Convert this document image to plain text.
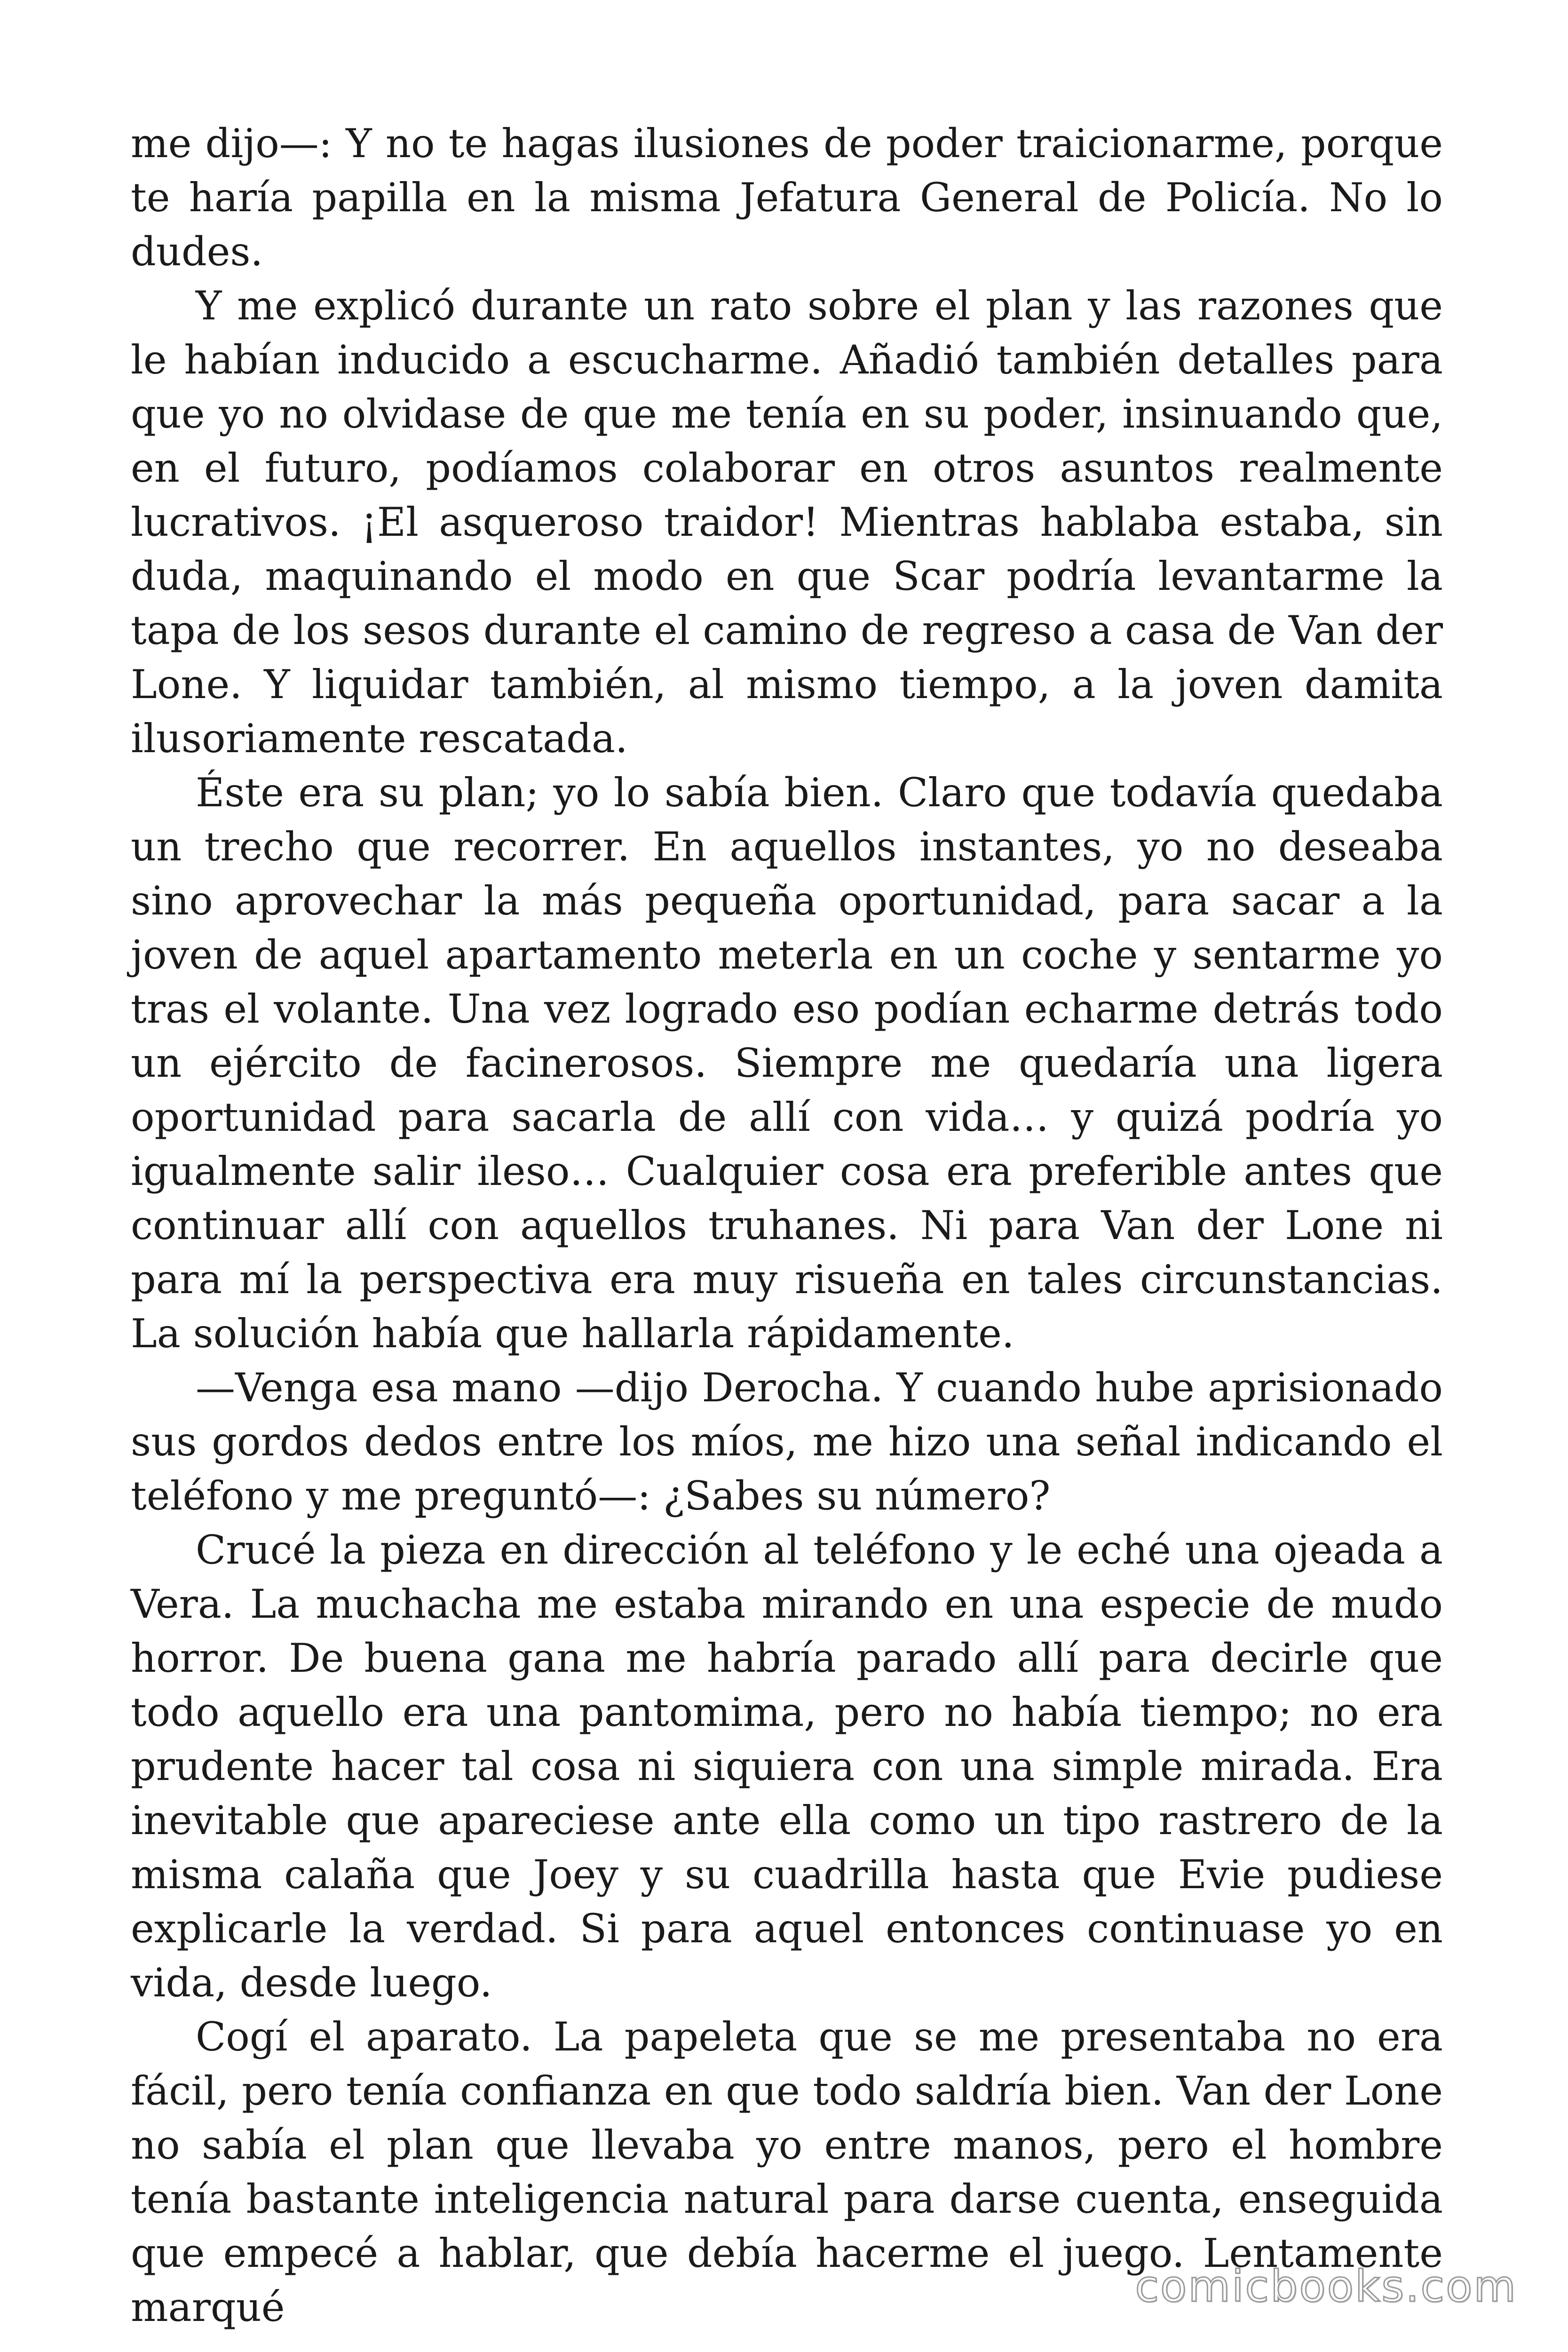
me dijo—: Y no te hagas ilusiones de poder traicionarme, porque te haría papilla en la misma Jefatura General de Policía. No lo dudes.

Y me explicó durante un rato sobre el plan y las razones que le habían inducido a escucharme. Añadió también detalles para que yo no olvidase de que me tenía en su poder, insinuando que, en el futuro, podíamos colaborar en otros asuntos realmente lucrativos. ¡El asqueroso traidor! Mientras hablaba estaba, sin duda, maquinando el modo en que Scar podría levantarme la tapa de los sesos durante el camino de regreso a casa de Van der Lone. Y liquidar también, al mismo tiempo, a la joven damita ilusoriamente rescatada.

Éste era su plan; yo lo sabía bien. Claro que todavía quedaba un trecho que recorrer. En aquellos instantes, yo no deseaba sino aprovechar la más pequeña oportunidad, para sacar a la joven de aquel apartamento meterla en un coche y sentarme yo tras el volante. Una vez logrado eso podían echarme detrás todo un ejército de facinerosos. Siempre me quedaría una ligera oportunidad para sacarla de allí con vida… y quizá podría yo igualmente salir ileso… Cualquier cosa era preferible antes que continuar allí con aquellos truhanes. Ni para Van der Lone ni para mí la perspectiva era muy risueña en tales circunstancias. La solución había que hallarla rápidamente.

—Venga esa mano —dijo Derocha. Y cuando hube aprisionado sus gordos dedos entre los míos, me hizo una señal indicando el teléfono y me preguntó—: ¿Sabes su número?

Crucé la pieza en dirección al teléfono y le eché una ojeada a Vera. La muchacha me estaba mirando en una especie de mudo horror. De buena gana me habría parado allí para decirle que todo aquello era una pantomima, pero no había tiempo; no era prudente hacer tal cosa ni siquiera con una simple mirada. Era inevitable que apareciese ante ella como un tipo rastrero de la misma calaña que Joey y su cuadrilla hasta que Evie pudiese explicarle la verdad. Si para aquel entonces continuase yo en vida, desde luego.

Cogí el aparato. La papeleta que se me presentaba no era fácil, pero tenía confianza en que todo saldría bien. Van der Lone no sabía el plan que llevaba yo entre manos, pero el hombre tenía bastante inteligencia natural para darse cuenta, enseguida que empecé a hablar, que debía hacerme el juego. Lentamente marqué	comicbooks.com
